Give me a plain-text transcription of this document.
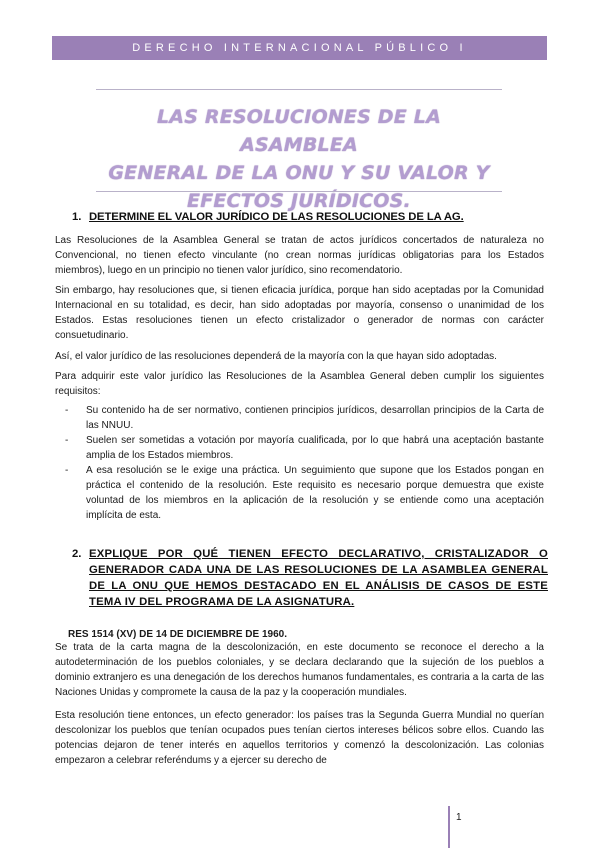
DERECHO INTERNACIONAL PÚBLICO I
LAS RESOLUCIONES DE LA ASAMBLEA
GENERAL DE LA ONU Y SU VALOR Y
EFECTOS JURÍDICOS.
1. DETERMINE EL VALOR JURÍDICO DE LAS RESOLUCIONES DE LA AG.

Las Resoluciones de la Asamblea General se tratan de actos jurídicos concertados de naturaleza no Convencional, no tienen efecto vinculante (no crean normas jurídicas obligatorias para los Estados miembros), luego en un principio no tienen valor jurídico, sino recomendatorio.

Sin embargo, hay resoluciones que, si tienen eficacia jurídica, porque han sido aceptadas por la Comunidad Internacional en su totalidad, es decir, han sido adoptadas por mayoría, consenso o unanimidad de los Estados. Estas resoluciones tienen un efecto cristalizador o generador de normas con carácter consuetudinario.

Así, el valor jurídico de las resoluciones dependerá de la mayoría con la que hayan sido adoptadas.

Para adquirir este valor jurídico las Resoluciones de la Asamblea General deben cumplir los siguientes requisitos:

- Su contenido ha de ser normativo, contienen principios jurídicos, desarrollan principios de la Carta de las NNUU.
- Suelen ser sometidas a votación por mayoría cualificada, por lo que habrá una aceptación bastante amplia de los Estados miembros.
- A esa resolución se le exige una práctica. Un seguimiento que supone que los Estados pongan en práctica el contenido de la resolución. Este requisito es necesario porque demuestra que existe voluntad de los miembros en la aplicación de la resolución y se entiende como una aceptación implícita de esta.
2. EXPLIQUE POR QUÉ TIENEN EFECTO DECLARATIVO, CRISTALIZADOR O GENERADOR CADA UNA DE LAS RESOLUCIONES DE LA ASAMBLEA GENERAL DE LA ONU QUE HEMOS DESTACADO EN EL ANÁLISIS DE CASOS DE ESTE TEMA IV DEL PROGRAMA DE LA ASIGNATURA.
RES 1514 (XV) DE 14 DE DICIEMBRE DE 1960.

Se trata de la carta magna de la descolonización, en este documento se reconoce el derecho a la autodeterminación de los pueblos coloniales, y se declara declarando que la sujeción de los pueblos a dominio extranjero es una denegación de los derechos humanos fundamentales, es contraria a la carta de las Naciones Unidas y compromete la causa de la paz y la cooperación mundiales.

Esta resolución tiene entonces, un efecto generador: los países tras la Segunda Guerra Mundial no querían descolonizar los pueblos que tenían ocupados pues tenían ciertos intereses bélicos sobre ellos. Cuando las potencias dejaron de tener interés en aquellos territorios y comenzó la descolonización. Las colonias empezaron a celebrar referéndums y a ejercer su derecho de

1
